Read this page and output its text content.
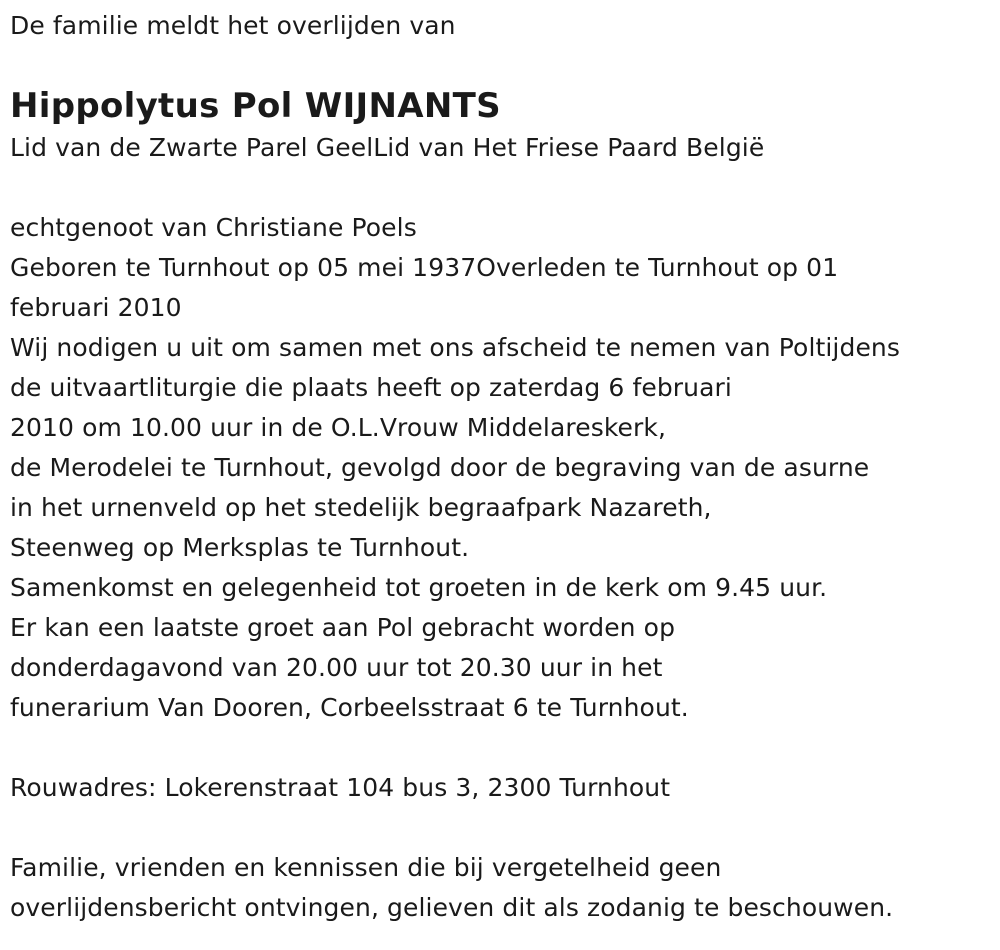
De familie meldt het overlijden van
Hippolytus Pol WIJNANTS
Lid van de Zwarte Parel GeelLid van Het Friese Paard België
echtgenoot van Christiane Poels
Geboren te Turnhout op 05 mei 1937Overleden te Turnhout op 01
februari 2010
Wij nodigen u uit om samen met ons afscheid te nemen van Poltijdens
de uitvaartliturgie die plaats heeft op zaterdag 6 februari
2010 om 10.00 uur in de O.L.Vrouw Middelareskerk,
de Merodelei te Turnhout, gevolgd door de begraving van de asurne
in het urnenveld op het stedelijk begraafpark Nazareth,
Steenweg op Merksplas te Turnhout.
Samenkomst en gelegenheid tot groeten in de kerk om 9.45 uur.
Er kan een laatste groet aan Pol gebracht worden op
donderdagavond van 20.00 uur tot 20.30 uur in het
funerarium Van Dooren, Corbeelsstraat 6 te Turnhout.
Rouwadres: Lokerenstraat 104 bus 3, 2300 Turnhout
Familie, vrienden en kennissen die bij vergetelheid geen
overlijdensbericht ontvingen, gelieven dit als zodanig te beschouwen.
